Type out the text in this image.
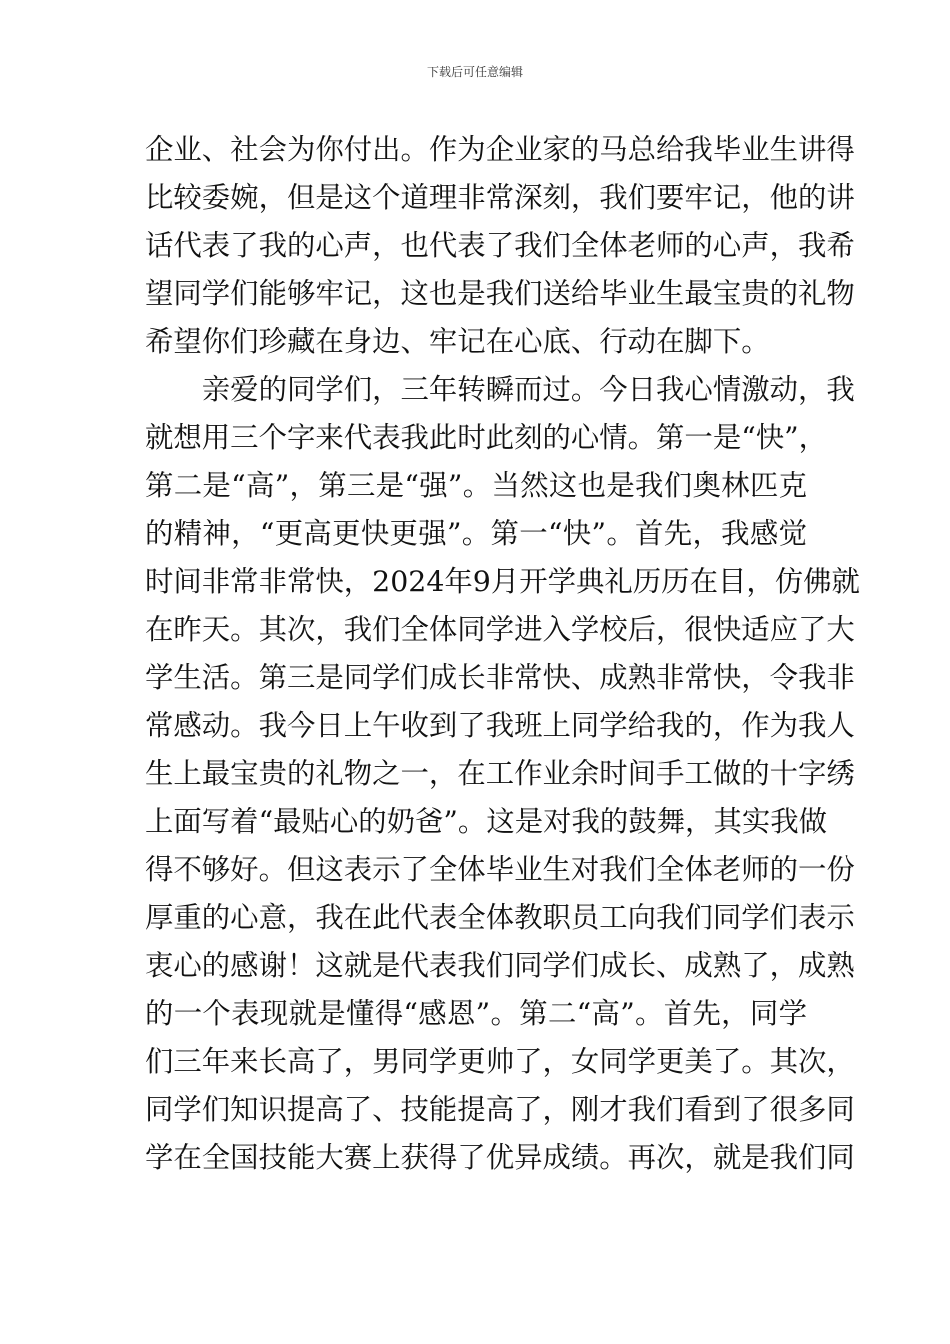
下载后可任意编辑
企业、社会为你付出。作为企业家的马总给我毕业生讲得
比较委婉，但是这个道理非常深刻，我们要牢记，他的讲
话代表了我的心声，也代表了我们全体老师的心声，我希
望同学们能够牢记，这也是我们送给毕业生最宝贵的礼物
希望你们珍藏在身边、牢记在心底、行动在脚下。
　　亲爱的同学们，三年转瞬而过。今日我心情激动，我
就想用三个字来代表我此时此刻的心情。第一是“快”，
第二是“高”，第三是“强”。当然这也是我们奥林匹克
的精神，“更高更快更强”。第一“快”。首先，我感觉
时间非常非常快，2024年9月开学典礼历历在目，仿佛就
在昨天。其次，我们全体同学进入学校后，很快适应了大
学生活。第三是同学们成长非常快、成熟非常快，令我非
常感动。我今日上午收到了我班上同学给我的，作为我人
生上最宝贵的礼物之一，在工作业余时间手工做的十字绣
上面写着“最贴心的奶爸”。这是对我的鼓舞，其实我做
得不够好。但这表示了全体毕业生对我们全体老师的一份
厚重的心意，我在此代表全体教职员工向我们同学们表示
衷心的感谢！这就是代表我们同学们成长、成熟了，成熟
的一个表现就是懂得“感恩”。第二“高”。首先，同学
们三年来长高了，男同学更帅了，女同学更美了。其次，
同学们知识提高了、技能提高了，刚才我们看到了很多同
学在全国技能大赛上获得了优异成绩。再次，就是我们同
